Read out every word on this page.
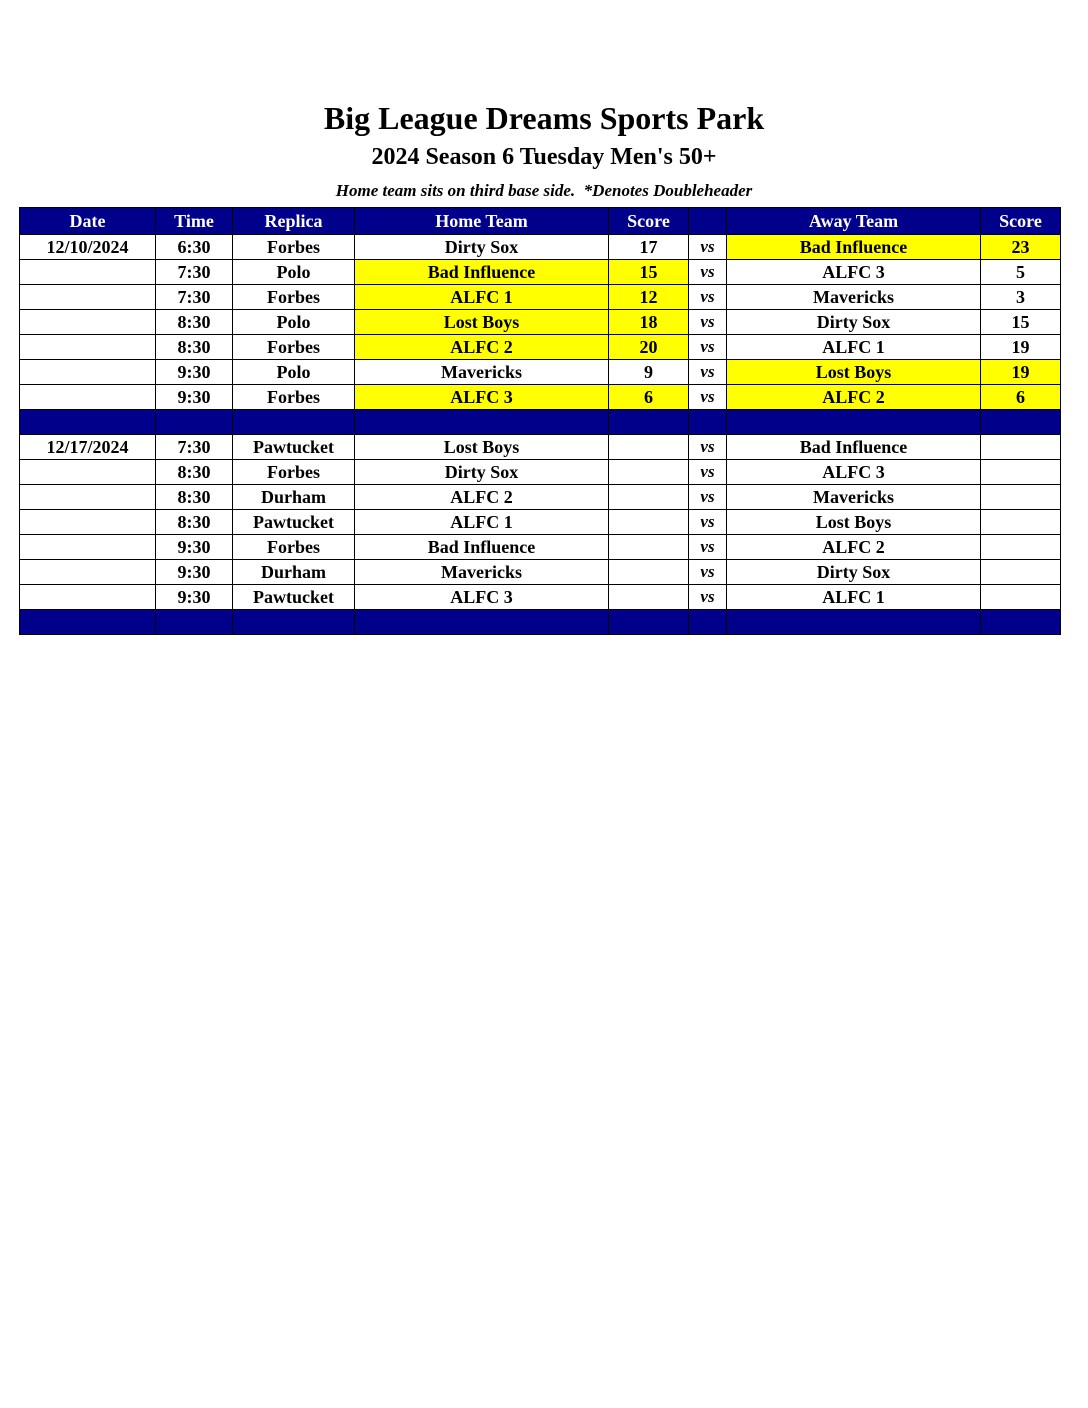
Big League Dreams Sports Park
2024 Season 6 Tuesday Men's 50+
Home team sits on third base side.  *Denotes Doubleheader
Date	Time	Replica	Home Team	Score		Away Team	Score
12/10/2024	6:30	Forbes	Dirty Sox	17	vs	Bad Influence	23
	7:30	Polo	Bad Influence	15	vs	ALFC 3	5
	7:30	Forbes	ALFC 1	12	vs	Mavericks	3
	8:30	Polo	Lost Boys	18	vs	Dirty Sox	15
	8:30	Forbes	ALFC 2	20	vs	ALFC 1	19
	9:30	Polo	Mavericks	9	vs	Lost Boys	19
	9:30	Forbes	ALFC 3	6	vs	ALFC 2	6

12/17/2024	7:30	Pawtucket	Lost Boys		vs	Bad Influence	
	8:30	Forbes	Dirty Sox		vs	ALFC 3	
	8:30	Durham	ALFC 2		vs	Mavericks	
	8:30	Pawtucket	ALFC 1		vs	Lost Boys	
	9:30	Forbes	Bad Influence		vs	ALFC 2	
	9:30	Durham	Mavericks		vs	Dirty Sox	
	9:30	Pawtucket	ALFC 3		vs	ALFC 1	
